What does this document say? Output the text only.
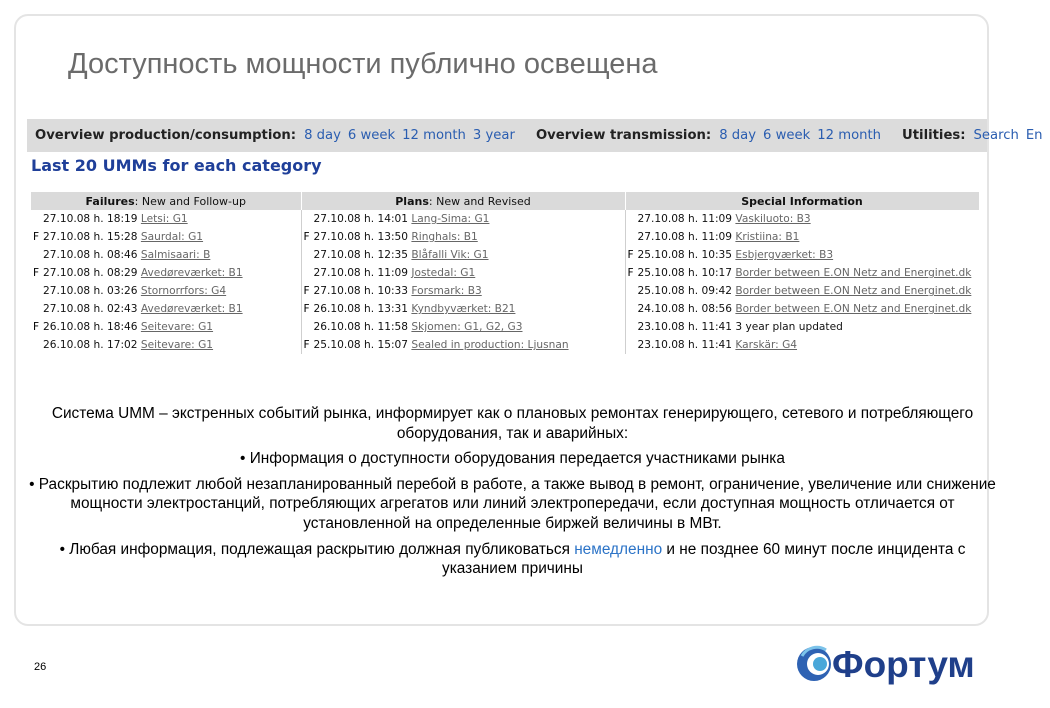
Доступность мощности публично освещена
Overview production/consumption: 8 day 6 week 12 month 3 year Overview transmission: 8 day 6 week 12 month Utilities: Search En
Last 20 UMMs for each category
Failures: New and Follow-up	Plans: New and Revised	Special Information
27.10.08 h. 18:19 Letsi: G1	27.10.08 h. 14:01 Lang-Sima: G1	27.10.08 h. 11:09 Vaskiluoto: B3
F 27.10.08 h. 15:28 Saurdal: G1	F 27.10.08 h. 13:50 Ringhals: B1	27.10.08 h. 11:09 Kristiina: B1
27.10.08 h. 08:46 Salmisaari: B	27.10.08 h. 12:35 Blåfalli Vik: G1	F 25.10.08 h. 10:35 Esbjergværket: B3
F 27.10.08 h. 08:29 Avedøreværket: B1	27.10.08 h. 11:09 Jostedal: G1	F 25.10.08 h. 10:17 Border between E.ON Netz and Energinet.dk
27.10.08 h. 03:26 Stornorrfors: G4	F 27.10.08 h. 10:33 Forsmark: B3	25.10.08 h. 09:42 Border between E.ON Netz and Energinet.dk
27.10.08 h. 02:43 Avedøreværket: B1	F 26.10.08 h. 13:31 Kyndbyværket: B21	24.10.08 h. 08:56 Border between E.ON Netz and Energinet.dk
F 26.10.08 h. 18:46 Seitevare: G1	26.10.08 h. 11:58 Skjomen: G1, G2, G3	23.10.08 h. 11:41 3 year plan updated
26.10.08 h. 17:02 Seitevare: G1	F 25.10.08 h. 15:07 Sealed in production: Ljusnan	23.10.08 h. 11:41 Karskär: G4

Система UMM – экстренных событий рынка, информирует как о плановых ремонтах генерирующего, сетевого и потребляющего оборудования, так и аварийных:

• Информация о доступности оборудования передается участниками рынка

• Раскрытию подлежит любой незапланированный перебой в работе, а также вывод в ремонт, ограничение, увеличение или снижение мощности электростанций, потребляющих агрегатов или линий электропередачи, если доступная мощность отличается от установленной на определенные биржей величины в МВт.

• Любая информация, подлежащая раскрытию должная публиковаться немедленно и не позднее 60 минут после инцидента с указанием причины

26	Фортум
